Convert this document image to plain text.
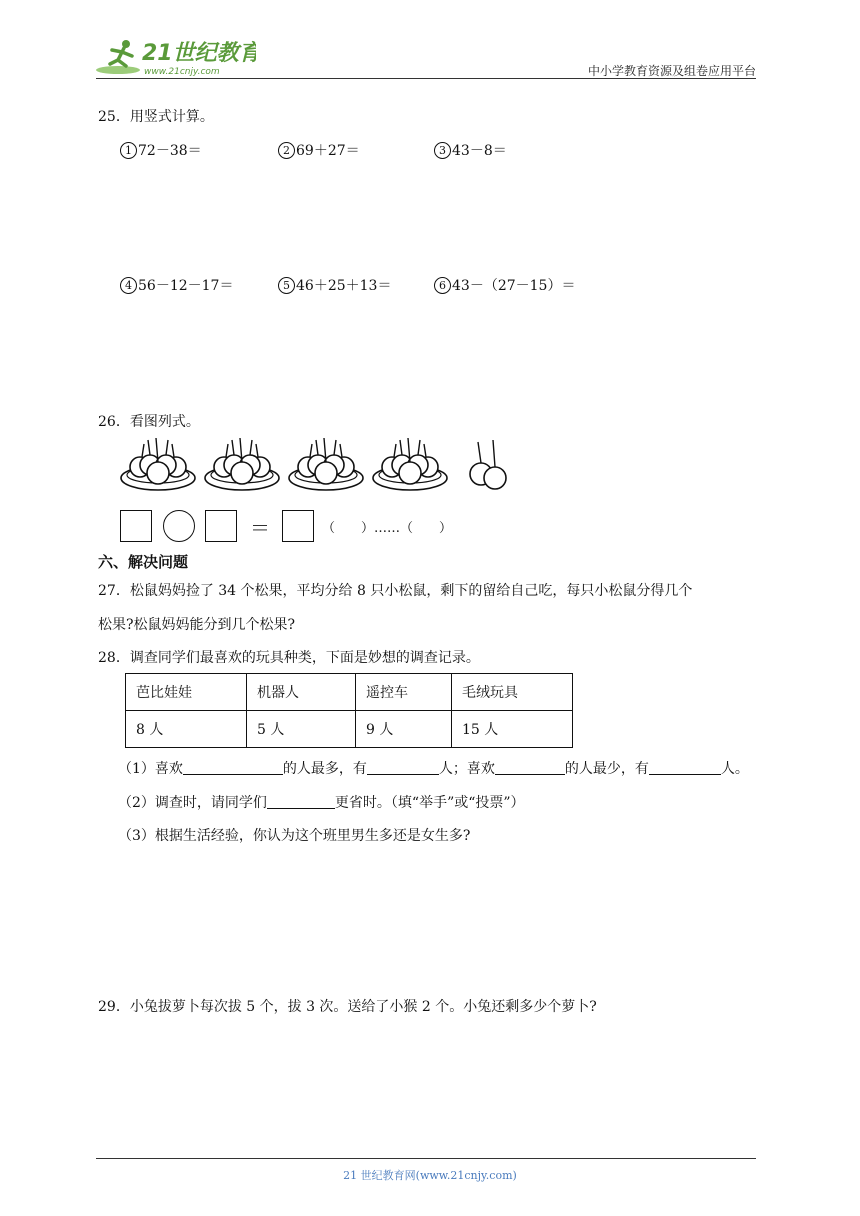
21世纪教育
www.21cnjy.com	中小学教育资源及组卷应用平台
25．用竖式计算。
1 72－38＝	2 69＋27＝	3 43－8＝
4 56－12－17＝	5 46＋25＋13＝	6 43－（27－15）＝
26．看图列式。
＝	（　　）……（　　）
六、解决问题
27．松鼠妈妈捡了 34 个松果，平均分给 8 只小松鼠，剩下的留给自己吃，每只小松鼠分得几个
松果?松鼠妈妈能分到几个松果?
28．调查同学们最喜欢的玩具种类，下面是妙想的调查记录。
芭比娃娃	机器人	遥控车	毛绒玩具
8 人	5 人	9 人	15 人
（1）喜欢	的人最多，有	人；喜欢	的人最少，有	人。
（2）调查时，请同学们	更省时。（填“举手”或“投票”）
（3）根据生活经验，你认为这个班里男生多还是女生多?
29．小兔拔萝卜每次拔 5 个，拔 3 次。送给了小猴 2 个。小兔还剩多少个萝卜?
21 世纪教育网(www.21cnjy.com)
